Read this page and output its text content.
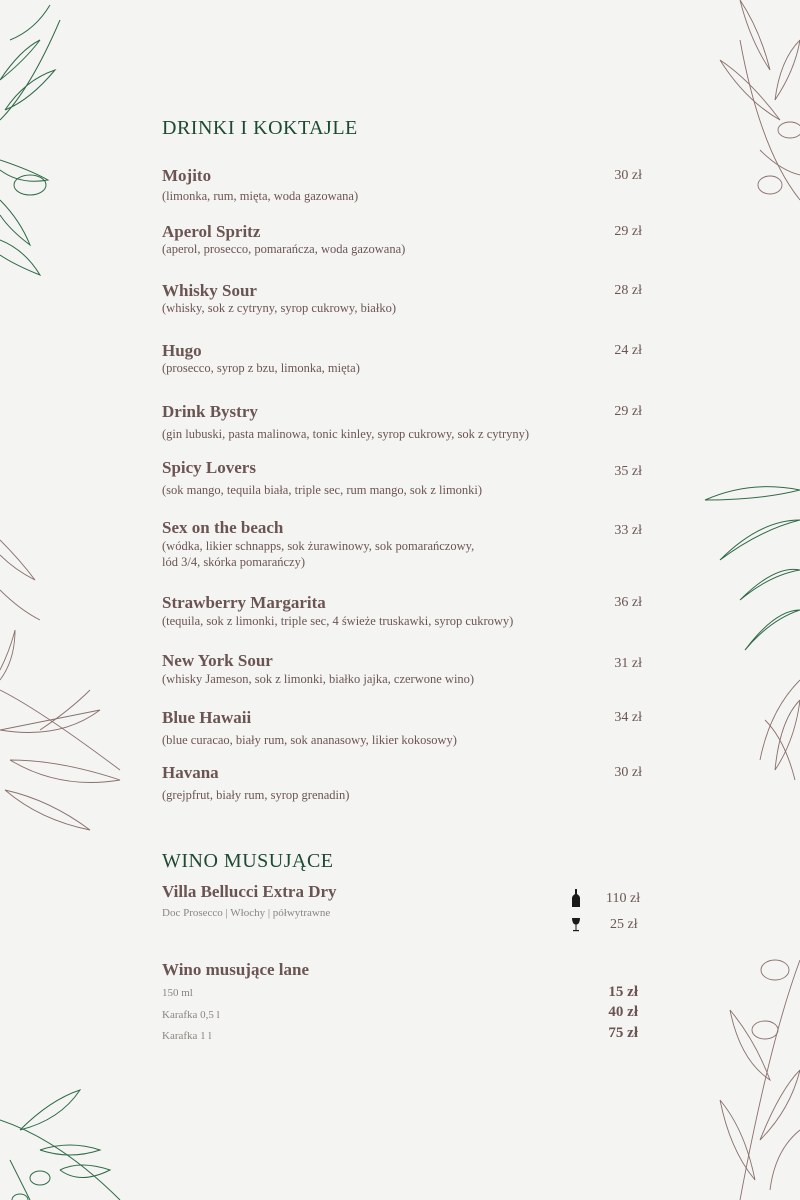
DRINKI I KOKTAJLE
Mojito
(limonka, rum, mięta, woda gazowana)
30 zł
Aperol Spritz
(aperol, prosecco, pomarańcza, woda gazowana)
29 zł
Whisky Sour
(whisky, sok z cytryny, syrop cukrowy, białko)
28 zł
Hugo
(prosecco, syrop z bzu, limonka, mięta)
24 zł
Drink Bystry
(gin lubuski, pasta malinowa, tonic kinley, syrop cukrowy, sok z cytryny)
29 zł
Spicy Lovers
(sok mango, tequila biała, triple sec, rum mango, sok z limonki)
35 zł
Sex on the beach
(wódka, likier schnapps, sok żurawinowy, sok pomarańczowy,
lód 3/4, skórka pomarańczy)
33 zł
Strawberry Margarita
(tequila, sok z limonki, triple sec, 4 świeże truskawki, syrop cukrowy)
36 zł
New York Sour
(whisky Jameson, sok z limonki, białko jajka, czerwone wino)
31 zł
Blue Hawaii
(blue curacao, biały rum, sok ananasowy, likier kokosowy)
34 zł
Havana
(grejpfrut, biały rum, syrop grenadin)
30 zł
WINO MUSUJĄCE
Villa Bellucci Extra Dry
Doc Prosecco | Włochy | półwytrawne
110 zł
25 zł
Wino musujące lane
150 ml	15 zł
Karafka 0,5 l	40 zł
Karafka 1 l	75 zł
